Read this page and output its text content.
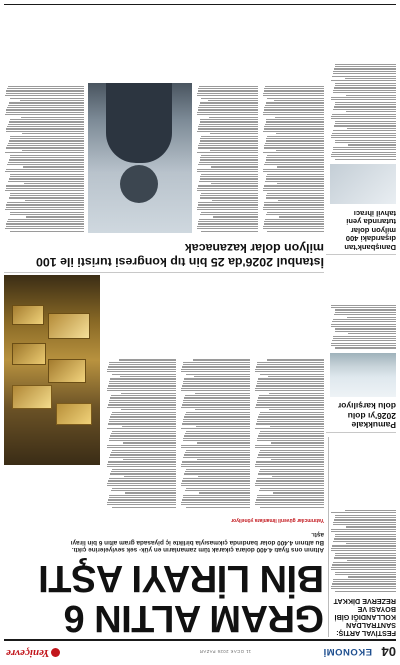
04
EKONOMİ
11 OCAK 2026 PAZAR
Yeniçevre
FESTİVAL ARTIŞ: SANTRALDAN KOLLANDIĞI GİBİ BOYASI VE REZERVE DİKKAT
GRAM ALTIN 6 BİN LİRAYI AŞTI
Altının ons fiyatı 4.400 dolara çıkarak tüm zamanların en yük- sek seviyelerine çıktı. Bu altının 4.400 dolar bandında çıkmasıyla birlikte iç piyasada gram altın 6 bin lirayı aştı.
Yatırımcılar güvenli limanlara yöneliyor
Pamukkale 2026'yı dolu dolu karşılıyor
İstanbul 2026'da 25 bin tıp kongresi turisti ile 100 milyon dolar kazanacak	Danışbank'tan dışarıdaki 400 milyon dolar tutarında yeni tahvil ihracı
